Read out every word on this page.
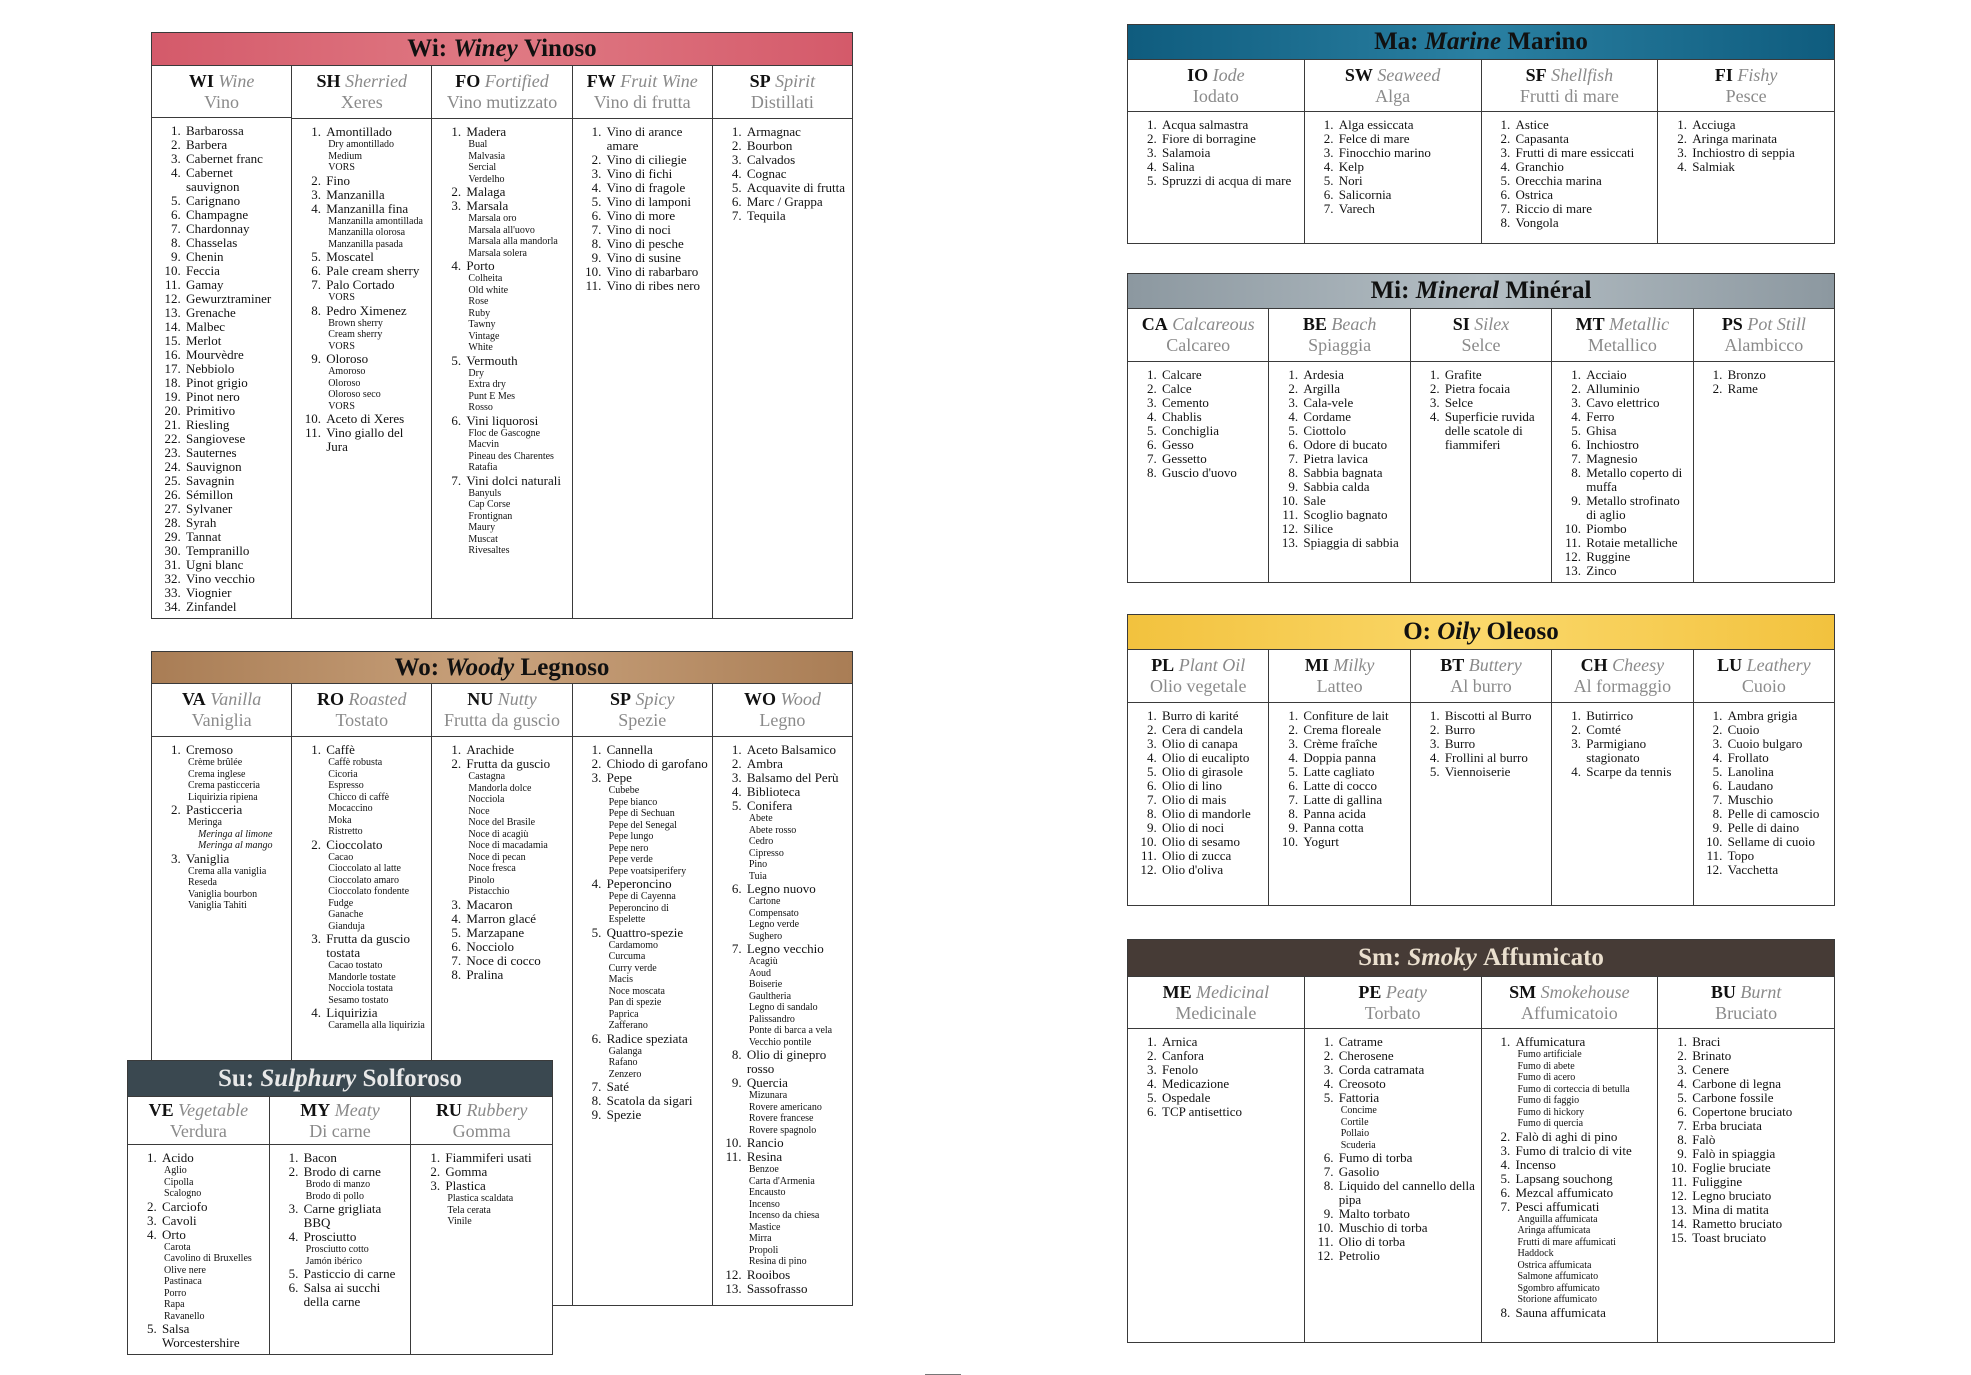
Wi:
Winey
Vinoso
WI Wine
Vino
1. Barbarossa
2. Barbera
3. Cabernet franc
4. Cabernet sauvignon
5. Carignano
6. Champagne
7. Chardonnay
8. Chasselas
9. Chenin
10. Feccia
11. Gamay
12. Gewurztraminer
13. Grenache
14. Malbec
15. Merlot
16. Mourvèdre
17. Nebbiolo
18. Pinot grigio
19. Pinot nero
20. Primitivo
21. Riesling
22. Sangiovese
23. Sauternes
24. Sauvignon
25. Savagnin
26. Sémillon
27. Sylvaner
28. Syrah
29. Tannat
30. Tempranillo
31. Ugni blanc
32. Vino vecchio
33. Viognier
34. Zinfandel
SH Sherried
Xeres
1. Amontillado
Dry amontillado
Medium
VORS
2. Fino
3. Manzanilla
4. Manzanilla fina
Manzanilla amontillada
Manzanilla olorosa
Manzanilla pasada
5. Moscatel
6. Pale cream sherry
7. Palo Cortado
VORS
8. Pedro Ximenez
Brown sherry
Cream sherry
VORS
9. Oloroso
Amoroso
Oloroso
Oloroso seco
VORS
10. Aceto di Xeres
11. Vino giallo del Jura
FO Fortified
Vino mutizzato
1. Madera
Bual
Malvasia
Sercial
Verdelho
2. Malaga
3. Marsala
Marsala oro
Marsala all'uovo
Marsala alla mandorla
Marsala solera
4. Porto
Colheita
Old white
Rose
Ruby
Tawny
Vintage
White
5. Vermouth
Dry
Extra dry
Punt E Mes
Rosso
6. Vini liquorosi
Floc de Gascogne
Macvin
Pineau des Charentes
Ratafia
7. Vini dolci naturali
Banyuls
Cap Corse
Frontignan
Maury
Muscat
Rivesaltes
FW Fruit Wine
Vino di frutta
1. Vino di arance amare
2. Vino di ciliegie
3. Vino di fichi
4. Vino di fragole
5. Vino di lamponi
6. Vino di more
7. Vino di noci
8. Vino di pesche
9. Vino di susine
10. Vino di rabarbaro
11. Vino di ribes nero
SP Spirit
Distillati
1. Armagnac
2. Bourbon
3. Calvados
4. Cognac
5. Acquavite di frutta
6. Marc / Grappa
7. Tequila
Wo:
Woody
Legnoso
VA Vanilla
Vaniglia
1. Cremoso
Crème brûlée
Crema inglese
Crema pasticceria
Liquirizia ripiena
2. Pasticceria
Meringa
Meringa al limone
Meringa al mango
3. Vaniglia
Crema alla vaniglia
Reseda
Vaniglia bourbon
Vaniglia Tahiti
RO Roasted
Tostato
1. Caffè
Caffè robusta
Cicoria
Espresso
Chicco di caffè
Mocaccino
Moka
Ristretto
2. Cioccolato
Cacao
Cioccolato al latte
Cioccolato amaro
Cioccolato fondente
Fudge
Ganache
Gianduja
3. Frutta da guscio tostata
Cacao tostato
Mandorle tostate
Nocciola tostata
Sesamo tostato
4. Liquirizia
Caramella alla liquirizia
NU Nutty
Frutta da guscio
1. Arachide
2. Frutta da guscio
Castagna
Mandorla dolce
Nocciola
Noce
Noce del Brasile
Noce di acagiù
Noce di macadamia
Noce di pecan
Noce fresca
Pinolo
Pistacchio
3. Macaron
4. Marron glacé
5. Marzapane
6. Nocciolo
7. Noce di cocco
8. Pralina
SP Spicy
Spezie
1. Cannella
2. Chiodo di garofano
3. Pepe
Cubebe
Pepe bianco
Pepe di Sechuan
Pepe del Senegal
Pepe lungo
Pepe nero
Pepe verde
Pepe voatsiperifery
4. Peperoncino
Pepe di Cayenna
Peperoncino di Espelette
5. Quattro-spezie
Cardamomo
Curcuma
Curry verde
Macis
Noce moscata
Pan di spezie
Paprica
Zafferano
6. Radice speziata
Galanga
Rafano
Zenzero
7. Saté
8. Scatola da sigari
9. Spezie
WO Wood
Legno
1. Aceto Balsamico
2. Ambra
3. Balsamo del Perù
4. Biblioteca
5. Conifera
Abete
Abete rosso
Cedro
Cipresso
Pino
Tuia
6. Legno nuovo
Cartone
Compensato
Legno verde
Sughero
7. Legno vecchio
Acagiù
Aoud
Boiserie
Gaultheria
Legno di sandalo
Palissandro
Ponte di barca a vela
Vecchio pontile
8. Olio di ginepro rosso
9. Quercia
Mizunara
Rovere americano
Rovere francese
Rovere spagnolo
10. Rancio
11. Resina
Benzoe
Carta d'Armenia
Encausto
Incenso
Incenso da chiesa
Mastice
Mirra
Propoli
Resina di pino
12. Rooibos
13. Sassofrasso
Su:
Sulphury
Solforoso
VE Vegetable
Verdura
1. Acido
Aglio
Cipolla
Scalogno
2. Carciofo
3. Cavoli
4. Orto
Carota
Cavolino di Bruxelles
Olive nere
Pastinaca
Porro
Rapa
Ravanello
5. Salsa Worcestershire
MY Meaty
Di carne
1. Bacon
2. Brodo di carne
Brodo di manzo
Brodo di pollo
3. Carne grigliata BBQ
4. Prosciutto
Prosciutto cotto
Jamón ibérico
5. Pasticcio di carne
6. Salsa ai succhi della carne
RU Rubbery
Gomma
1. Fiammiferi usati
2. Gomma
3. Plastica
Plastica scaldata
Tela cerata
Vinile
Ma:
Marine
Marino
IO Iode
Iodato
1. Acqua salmastra
2. Fiore di borragine
3. Salamoia
4. Salina
5. Spruzzi di acqua di mare
SW Seaweed
Alga
1. Alga essiccata
2. Felce di mare
3. Finocchio marino
4. Kelp
5. Nori
6. Salicornia
7. Varech
SF Shellfish
Frutti di mare
1. Astice
2. Capasanta
3. Frutti di mare essiccati
4. Granchio
5. Orecchia marina
6. Ostrica
7. Riccio di mare
8. Vongola
FI Fishy
Pesce
1. Acciuga
2. Aringa marinata
3. Inchiostro di seppia
4. Salmiak
Mi:
Mineral
Minéral
CA Calcareous
Calcareo
1. Calcare
2. Calce
3. Cemento
4. Chablis
5. Conchiglia
6. Gesso
7. Gessetto
8. Guscio d'uovo
BE Beach
Spiaggia
1. Ardesia
2. Argilla
3. Cala-vele
4. Cordame
5. Ciottolo
6. Odore di bucato
7. Pietra lavica
8. Sabbia bagnata
9. Sabbia calda
10. Sale
11. Scoglio bagnato
12. Silice
13. Spiaggia di sabbia
SI Silex
Selce
1. Grafite
2. Pietra focaia
3. Selce
4. Superficie ruvida delle scatole di fiammiferi
MT Metallic
Metallico
1. Acciaio
2. Alluminio
3. Cavo elettrico
4. Ferro
5. Ghisa
6. Inchiostro
7. Magnesio
8. Metallo coperto di muffa
9. Metallo strofinato di aglio
10. Piombo
11. Rotaie metalliche
12. Ruggine
13. Zinco
PS Pot Still
Alambicco
1. Bronzo
2. Rame
O:
Oily
Oleoso
PL Plant Oil
Olio vegetale
1. Burro di karité
2. Cera di candela
3. Olio di canapa
4. Olio di eucalipto
5. Olio di girasole
6. Olio di lino
7. Olio di mais
8. Olio di mandorle
9. Olio di noci
10. Olio di sesamo
11. Olio di zucca
12. Olio d'oliva
MI Milky
Latteo
1. Confiture de lait
2. Crema floreale
3. Crème fraîche
4. Doppia panna
5. Latte cagliato
6. Latte di cocco
7. Latte di gallina
8. Panna acida
9. Panna cotta
10. Yogurt
BT Buttery
Al burro
1. Biscotti al Burro
2. Burro
3. Burro
4. Frollini al burro
5. Viennoiserie
CH Cheesy
Al formaggio
1. Butirrico
2. Comté
3. Parmigiano stagionato
4. Scarpe da tennis
LU Leathery
Cuoio
1. Ambra grigia
2. Cuoio
3. Cuoio bulgaro
4. Frollato
5. Lanolina
6. Laudano
7. Muschio
8. Pelle di camoscio
9. Pelle di daino
10. Sellame di cuoio
11. Topo
12. Vacchetta
Sm:
Smoky
Affumicato
ME Medicinal
Medicinale
1. Arnica
2. Canfora
3. Fenolo
4. Medicazione
5. Ospedale
6. TCP antisettico
PE Peaty
Torbato
1. Catrame
2. Cherosene
3. Corda catramata
4. Creosoto
5. Fattoria
Concime
Cortile
Pollaio
Scuderia
6. Fumo di torba
7. Gasolio
8. Liquido del cannello della pipa
9. Malto torbato
10. Muschio di torba
11. Olio di torba
12. Petrolio
SM Smokehouse
Affumicatoio
1. Affumicatura
Fumo artificiale
Fumo di abete
Fumo di acero
Fumo di corteccia di betulla
Fumo di faggio
Fumo di hickory
Fumo di quercia
2. Falò di aghi di pino
3. Fumo di tralcio di vite
4. Incenso
5. Lapsang souchong
6. Mezcal affumicato
7. Pesci affumicati
Anguilla affumicata
Aringa affumicata
Frutti di mare affumicati
Haddock
Ostrica affumicata
Salmone affumicato
Sgombro affumicato
Storione affumicato
8. Sauna affumicata
BU Burnt
Bruciato
1. Braci
2. Brinato
3. Cenere
4. Carbone di legna
5. Carbone fossile
6. Copertone bruciato
7. Erba bruciata
8. Falò
9. Falò in spiaggia
10. Foglie bruciate
11. Fuliggine
12. Legno bruciato
13. Mina di matita
14. Rametto bruciato
15. Toast bruciato
